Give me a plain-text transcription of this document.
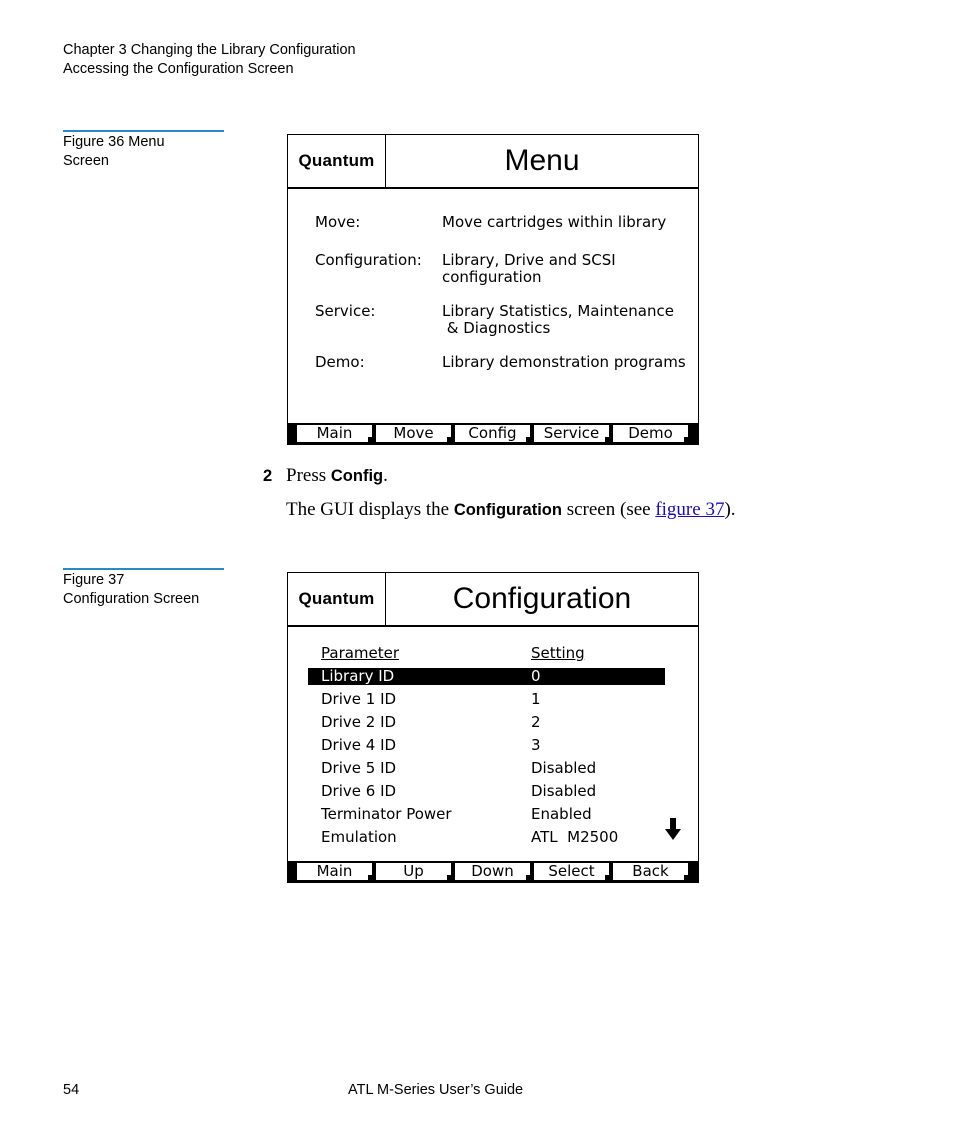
Chapter 3 Changing the Library Configuration
Accessing the Configuration Screen
Figure 36 Menu
Screen	Quantum	Menu
Move:	Move cartridges within library
Configuration: Library, Drive and SCSI
configuration
Service:	Library Statistics, Maintenance
& Diagnostics
Demo:	Library demonstration programs
Main	Move	Config	Service	Demo
2 Press Config.
The GUI displays the Configuration screen (see figure 37).
Figure 37
Configuration Screen	Quantum	Configuration
Parameter	Setting
Library ID	0
Drive 1 ID	1
Drive 2 ID	2
Drive 4 ID	3
Drive 5 ID	Disabled
Drive 6 ID	Disabled
Terminator Power	Enabled
Emulation	ATL  M2500
Main	Up	Down	Select	Back
54	ATL M-Series User’s Guide
